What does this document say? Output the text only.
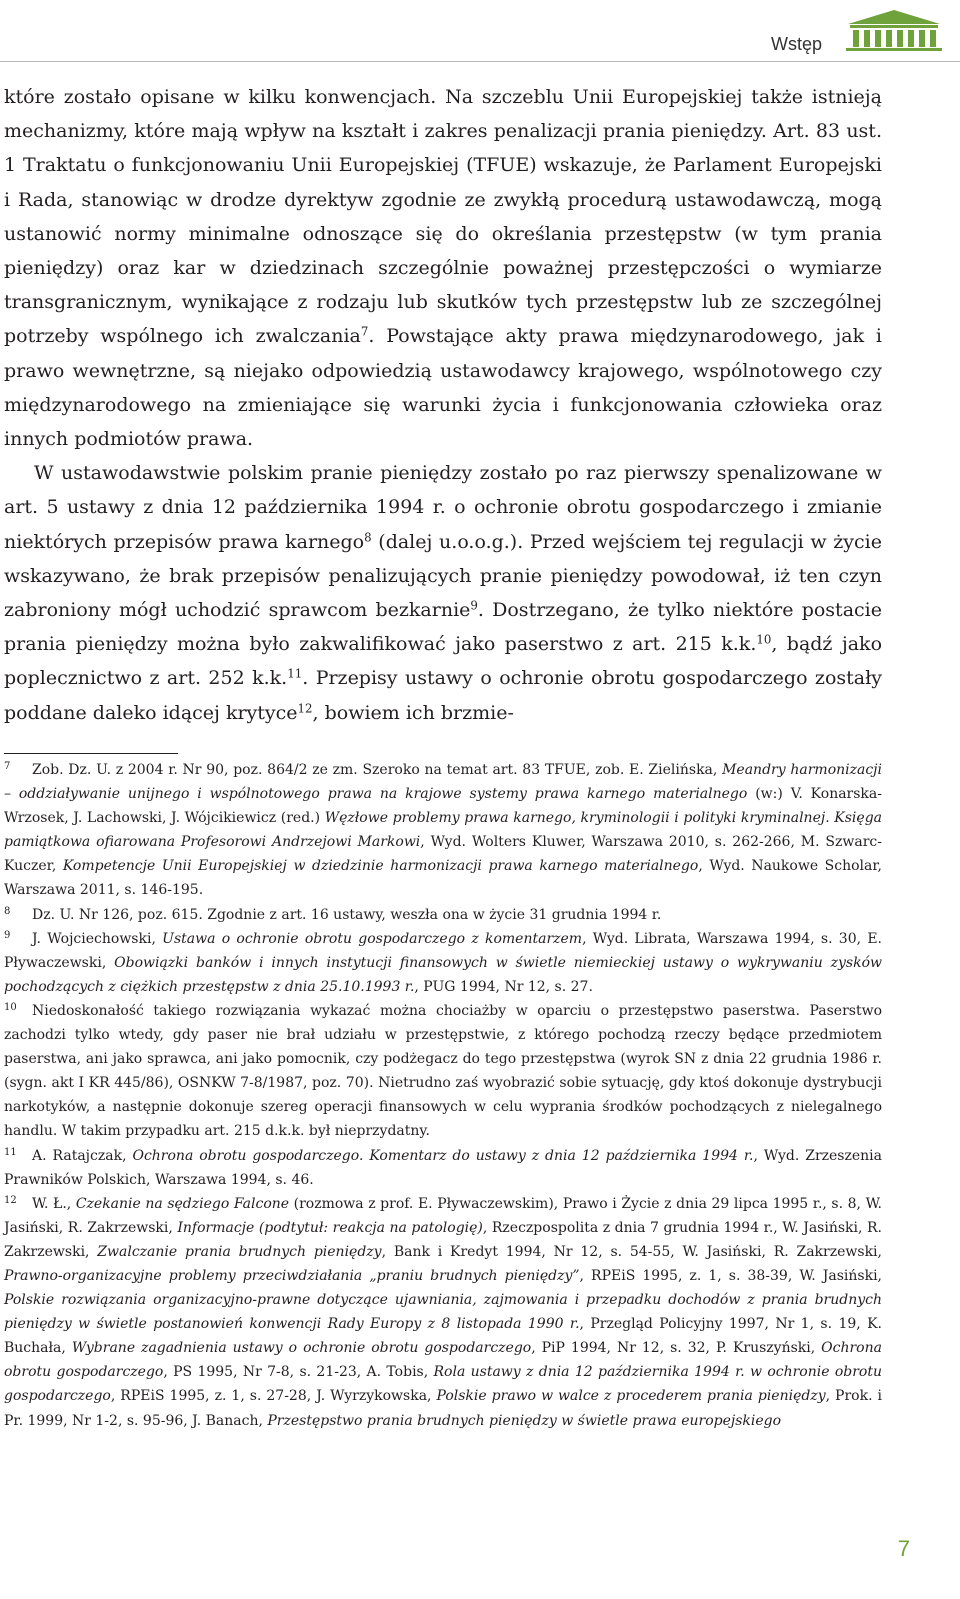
Wstęp

które zostało opisane w kilku konwencjach. Na szczeblu Unii Europejskiej także istnieją mechanizmy, które mają wpływ na kształt i zakres penalizacji prania pieniędzy. Art. 83 ust. 1 Traktatu o funkcjonowaniu Unii Europejskiej (TFUE) wskazuje, że Parlament Europejski i Rada, stanowiąc w drodze dyrektyw zgodnie ze zwykłą procedurą ustawodawczą, mogą ustanowić normy minimalne odnoszące się do określania przestępstw (w tym prania pieniędzy) oraz kar w dziedzinach szczególnie poważnej przestępczości o wymiarze transgranicznym, wynikające z rodzaju lub skutków tych przestępstw lub ze szczególnej potrzeby wspólnego ich zwalczania$^7$. Powstające akty prawa międzynarodowego, jak i prawo wewnętrzne, są niejako odpowiedzią ustawodawcy krajowego, wspólnotowego czy międzynarodowego na zmieniające się warunki życia i funkcjonowania człowieka oraz innych podmiotów prawa.

W ustawodawstwie polskim pranie pieniędzy zostało po raz pierwszy spenalizowane w art. 5 ustawy z dnia 12 października 1994 r. o ochronie obrotu gospodarczego i zmianie niektórych przepisów prawa karnego$^8$ (dalej u.o.o.g.). Przed wejściem tej regulacji w życie wskazywano, że brak przepisów penalizujących pranie pieniędzy powodował, iż ten czyn zabroniony mógł uchodzić sprawcom bezkarnie$^9$. Dostrzegano, że tylko niektóre postacie prania pieniędzy można było zakwalifikować jako paserstwo z art. 215 k.k.$^{10}$, bądź jako poplecznictwo z art. 252 k.k.$^{11}$. Przepisy ustawy o ochronie obrotu gospodarczego zostały poddane daleko idącej krytyce$^{12}$, bowiem ich brzmie-

7 Zob. Dz. U. z 2004 r. Nr 90, poz. 864/2 ze zm. Szeroko na temat art. 83 TFUE, zob. E. Zielińska, Meandry harmonizacji – oddziaływanie unijnego i wspólnotowego prawa na krajowe systemy prawa karnego materialnego (w:) V. Konarska-Wrzosek, J. Lachowski, J. Wójcikiewicz (red.) Węzłowe problemy prawa karnego, kryminologii i polityki kryminalnej. Księga pamiątkowa ofiarowana Profesorowi Andrzejowi Markowi, Wyd. Wolters Kluwer, Warszawa 2010, s. 262-266, M. Szwarc-Kuczer, Kompetencje Unii Europejskiej w dziedzinie harmonizacji prawa karnego materialnego, Wyd. Naukowe Scholar, Warszawa 2011, s. 146-195.

8 Dz. U. Nr 126, poz. 615. Zgodnie z art. 16 ustawy, weszła ona w życie 31 grudnia 1994 r.

9 J. Wojciechowski, Ustawa o ochronie obrotu gospodarczego z komentarzem, Wyd. Librata, Warszawa 1994, s. 30, E. Pływaczewski, Obowiązki banków i innych instytucji finansowych w świetle niemieckiej ustawy o wykrywaniu zysków pochodzących z ciężkich przestępstw z dnia 25.10.1993 r., PUG 1994, Nr 12, s. 27.

10 Niedoskonałość takiego rozwiązania wykazać można chociażby w oparciu o przestępstwo paserstwa. Paserstwo zachodzi tylko wtedy, gdy paser nie brał udziału w przestępstwie, z którego pochodzą rzeczy będące przedmiotem paserstwa, ani jako sprawca, ani jako pomocnik, czy podżegacz do tego przestępstwa (wyrok SN z dnia 22 grudnia 1986 r. (sygn. akt I KR 445/86), OSNKW 7-8/1987, poz. 70). Nietrudno zaś wyobrazić sobie sytuację, gdy ktoś dokonuje dystrybucji narkotyków, a następnie dokonuje szereg operacji finansowych w celu wyprania środków pochodzących z nielegalnego handlu. W takim przypadku art. 215 d.k.k. był nieprzydatny.

11 A. Ratajczak, Ochrona obrotu gospodarczego. Komentarz do ustawy z dnia 12 października 1994 r., Wyd. Zrzeszenia Prawników Polskich, Warszawa 1994, s. 46.

12 W. Ł., Czekanie na sędziego Falcone (rozmowa z prof. E. Pływaczewskim), Prawo i Życie z dnia 29 lipca 1995 r., s. 8, W. Jasiński, R. Zakrzewski, Informacje (podtytuł: reakcja na patologię), Rzeczpospolita z dnia 7 grudnia 1994 r., W. Jasiński, R. Zakrzewski, Zwalczanie prania brudnych pieniędzy, Bank i Kredyt 1994, Nr 12, s. 54-55, W. Jasiński, R. Zakrzewski, Prawno-organizacyjne problemy przeciwdziałania „praniu brudnych pieniędzy”, RPEiS 1995, z. 1, s. 38-39, W. Jasiński, Polskie rozwiązania organizacyjno-prawne dotyczące ujawniania, zajmowania i przepadku dochodów z prania brudnych pieniędzy w świetle postanowień konwencji Rady Europy z 8 listopada 1990 r., Przegląd Policyjny 1997, Nr 1, s. 19, K. Buchała, Wybrane zagadnienia ustawy o ochronie obrotu gospodarczego, PiP 1994, Nr 12, s. 32, P. Kruszyński, Ochrona obrotu gospodarczego, PS 1995, Nr 7-8, s. 21-23, A. Tobis, Rola ustawy z dnia 12 października 1994 r. w ochronie obrotu gospodarczego, RPEiS 1995, z. 1, s. 27-28, J. Wyrzykowska, Polskie prawo w walce z procederem prania pieniędzy, Prok. i Pr. 1999, Nr 1-2, s. 95-96, J. Banach, Przestępstwo prania brudnych pieniędzy w świetle prawa europejskiego

7
